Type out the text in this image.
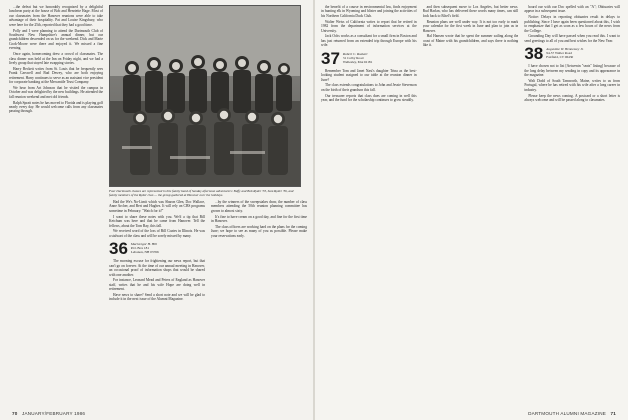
...the defeat but we honorably recognized by a delightful luncheon party at the house of Bob and Henriette Hage. Most of our classmates from the Hanover reunions were able to take advantage of their hospitality. Pat and Louise Kingsbury, who were here for the 25th, reported that they had a good time.

Polly and I were planning to attend the Dartmouth Club of Southwest New Hampshire's annual dinner, but our grandchildren descended on us for the weekend. Dick and Marie Cook-Moore were there and enjoyed it. We missed a fine evening.

Once again, homecoming drew a crowd of classmates. The class dinner was held at the Inn on Friday night, and we had a lively group that stayed late swapping stories.

Harry Beckett writes from St. Louis that he frequently sees Frank Carswell and Bud Dewey, who are both enjoying retirement. Harry continues to serve as an assistant vice president for corporate banking at the Mercantile Trust Company.

We hear from Art Johnson that he visited the campus in October and was delighted by the new buildings. He attended the fall reunion weekend and met old friends.

Ralph Spratt notes he has moved to Florida and is playing golf nearly every day. He would welcome calls from any classmates passing through.

Four Dartmouth classes are represented in this family band of Sunday afternoon adventurers: Buffy and Bob Ryder '33, Sam Ryder '36, and family members of the Ryder clan — the group gathered at Hanover over the holidays.

Had the We's No-Limit which was Sharon Glen, Doc Wallace, Anne Archer, and Bert and Hughes. It will rely on CBS programs sometime in February. "Watch for it!"

I want to share these notes with you. We'd a tip that Bill Ketchum was here and that he came from Hanover. Tell the fellows, about the Tom Bay, this fall.

We received word of the loss of Bill Coates in Illinois. He was a stalwart of the class and will be sorely missed by many.

36 MacGregor H. Hill
P.O. Box 181
Lebanon, NH 03766

The morning excuse for frightening our news report, but that can't go on forever. At the time of our annual meeting in Hanover, an occasional proof of information shops that would be shared with one another.

For instance, Leonard Mead and Peters of England as Hanover staff, writes that he and his wife Hope are doing well in retirement.

Have news to share? Send a short note and we will be glad to include it in the next issue of the Alumni Magazine.

...by the winners of the sweepstakes draw, the number of class members attending the 50th reunion planning committee has grown to almost sixty.

It's fine to have cream on a good day, and fine for the first time in Hanover.

The class officers are working hard on the plans for the coming June; we hope to see as many of you as possible. Please make your reservations early.

70 JANUARY/FEBRUARY 1986

the benefit of a course in environmental law, finds enjoyment in hunting elk in Wyoming and blister and joining the activities of his Northern California Duck Club.

Walter Weiss of California writes to report that he retired in 1982 from the department of information services at the University.

Jack Ochs works as a consultant for a small firm in Boston and has just returned from an extended trip through Europe with his wife.

37 Robert C. Ruekert
31 Colby Road
Wellesley, MA 02181

Remember Tom and Janet Nast's daughter Trina as the best-looking student assigned to our table at the reunion dinner in June?

The class extends congratulations to John and Jessie Stevenson on the birth of their grandson this fall.

Our treasurer reports that class dues are coming in well this year, and the fund for the scholarship continues to grow steadily.

and then subsequent move to Los Angeles, but better news. Bud Harlan, who has delivered these words many times, can still look back to Ethel's field.

Reunion plans are well under way. It is not too early to mark your calendar for the first week in June and plan to join us in Hanover.

Hal Hansen wrote that he spent the summer sailing along the coast of Maine with his grandchildren, and says there is nothing like it.

board our with our Doc spelled with an "A"; Obituaries will appear in a subsequent issue.

Notice: Delays in reporting obituaries result in delays to publishing. Since I have again been questioned about this, I wish to emphasize that I get as soon as a few hours of the news from the College.

Grounding Day will have passed when you read this. I want to send greetings to all of you and best wishes for the New Year.

38 Augustine W. Hennessey Jr.
94-57 Waller Road
Fairfield, CT 06430

I have chosen not to list [Aetwenin "seats" listing] because of the long delay between my sending in copy and its appearance in the magazine.

Walt Dodd of South Tamworth, Maine, writes to us from Portugal, where he has retired with his wife after a long career in industry.

Please keep the news coming. A postcard or a short letter is always welcome and will be passed along to classmates.

DARTMOUTH ALUMNI MAGAZINE 71
